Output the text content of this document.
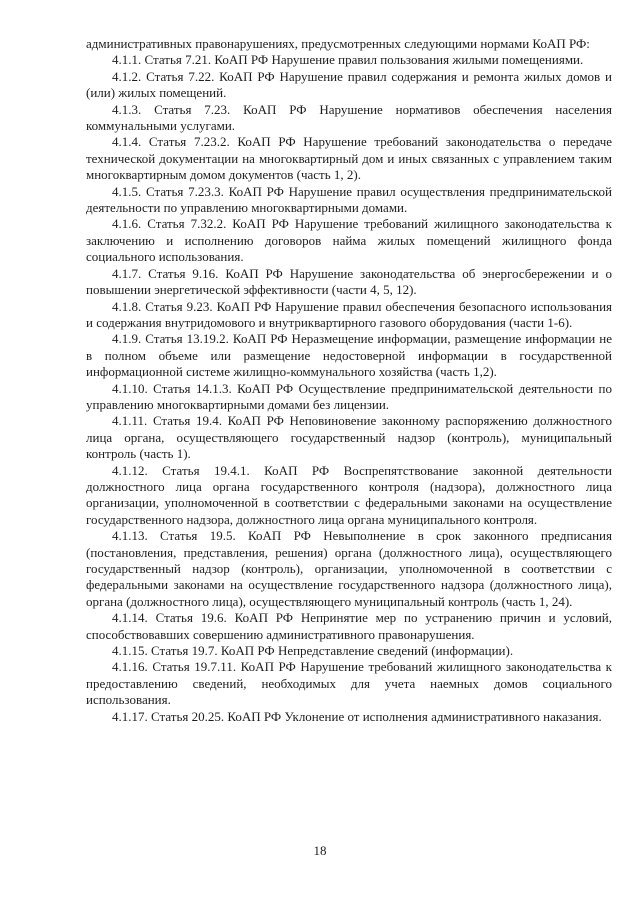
административных правонарушениях, предусмотренных следующими нормами КоАП РФ:

4.1.1. Статья 7.21. КоАП РФ Нарушение правил пользования жилыми помещениями.

4.1.2. Статья 7.22. КоАП РФ Нарушение правил содержания и ремонта жилых домов и (или) жилых помещений.

4.1.3. Статья 7.23. КоАП РФ Нарушение нормативов обеспечения населения коммунальными услугами.

4.1.4. Статья 7.23.2. КоАП РФ Нарушение требований законодательства о передаче технической документации на многоквартирный дом и иных связанных с управлением таким многоквартирным домом документов (часть 1, 2).

4.1.5. Статья 7.23.3. КоАП РФ Нарушение правил осуществления предпринимательской деятельности по управлению многоквартирными домами.

4.1.6. Статья 7.32.2. КоАП РФ Нарушение требований жилищного законодательства к заключению и исполнению договоров найма жилых помещений жилищного фонда социального использования.

4.1.7. Статья 9.16. КоАП РФ Нарушение законодательства об энергосбережении и о повышении энергетической эффективности (части 4, 5, 12).

4.1.8. Статья 9.23. КоАП РФ Нарушение правил обеспечения безопасного использования и содержания внутридомового и внутриквартирного газового оборудования (части 1-6).

4.1.9. Статья 13.19.2. КоАП РФ Неразмещение информации, размещение информации не в полном объеме или размещение недостоверной информации в государственной информационной системе жилищно-коммунального хозяйства (часть 1,2).

4.1.10. Статья 14.1.3. КоАП РФ Осуществление предпринимательской деятельности по управлению многоквартирными домами без лицензии.

4.1.11. Статья 19.4. КоАП РФ Неповиновение законному распоряжению должностного лица органа, осуществляющего государственный надзор (контроль), муниципальный контроль (часть 1).

4.1.12. Статья 19.4.1. КоАП РФ Воспрепятствование законной деятельности должностного лица органа государственного контроля (надзора), должностного лица организации, уполномоченной в соответствии с федеральными законами на осуществление государственного надзора, должностного лица органа муниципального контроля.

4.1.13. Статья 19.5. КоАП РФ Невыполнение в срок законного предписания (постановления, представления, решения) органа (должностного лица), осуществляющего государственный надзор (контроль), организации, уполномоченной в соответствии с федеральными законами на осуществление государственного надзора (должностного лица), органа (должностного лица), осуществляющего муниципальный контроль (часть 1, 24).

4.1.14. Статья 19.6. КоАП РФ Непринятие мер по устранению причин и условий, способствовавших совершению административного правонарушения.

4.1.15. Статья 19.7. КоАП РФ Непредставление сведений (информации).

4.1.16. Статья 19.7.11. КоАП РФ Нарушение требований жилищного законодательства к предоставлению сведений, необходимых для учета наемных домов социального использования.

4.1.17. Статья 20.25. КоАП РФ Уклонение от исполнения административного наказания.

18
